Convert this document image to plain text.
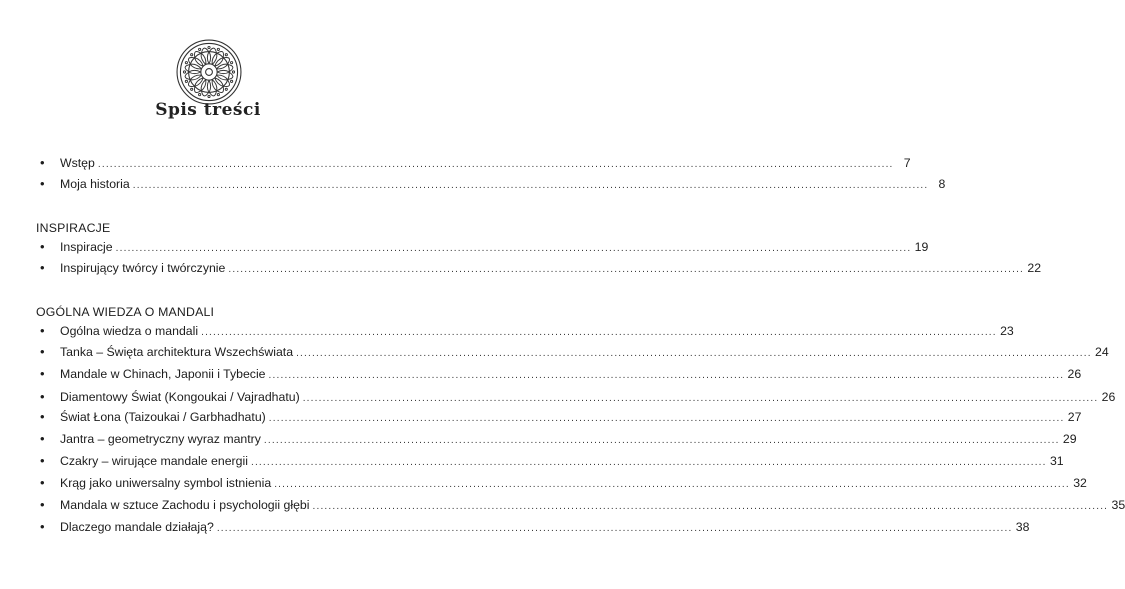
Spis treści
•	Wstęp ........................................................................................................................................................................................................ 7
•	Moja historia ........................................................................................................................................................................................................ 8
INSPIRACJE
•	Inspiracje ........................................................................................................................................................................................................ 19
•	Inspirujący twórcy i twórczynie ........................................................................................................................................................................................................ 22
OGÓLNA WIEDZA O MANDALI
•	Ogólna wiedza o mandali ........................................................................................................................................................................................................ 23
•	Tanka – Święta architektura Wszechświata ........................................................................................................................................................................................................ 24
•	Mandale w Chinach, Japonii i Tybecie ........................................................................................................................................................................................................ 26
•	Diamentowy Świat (Kongoukai / Vajradhatu) ........................................................................................................................................................................................................ 26
•	Świat Łona (Taizoukai / Garbhadhatu) ........................................................................................................................................................................................................ 27
•	Jantra – geometryczny wyraz mantry ........................................................................................................................................................................................................ 29
•	Czakry – wirujące mandale energii ........................................................................................................................................................................................................ 31
•	Krąg jako uniwersalny symbol istnienia ........................................................................................................................................................................................................ 32
•	Mandala w sztuce Zachodu i psychologii głębi ........................................................................................................................................................................................................ 35
•	Dlaczego mandale działają? ........................................................................................................................................................................................................ 38
